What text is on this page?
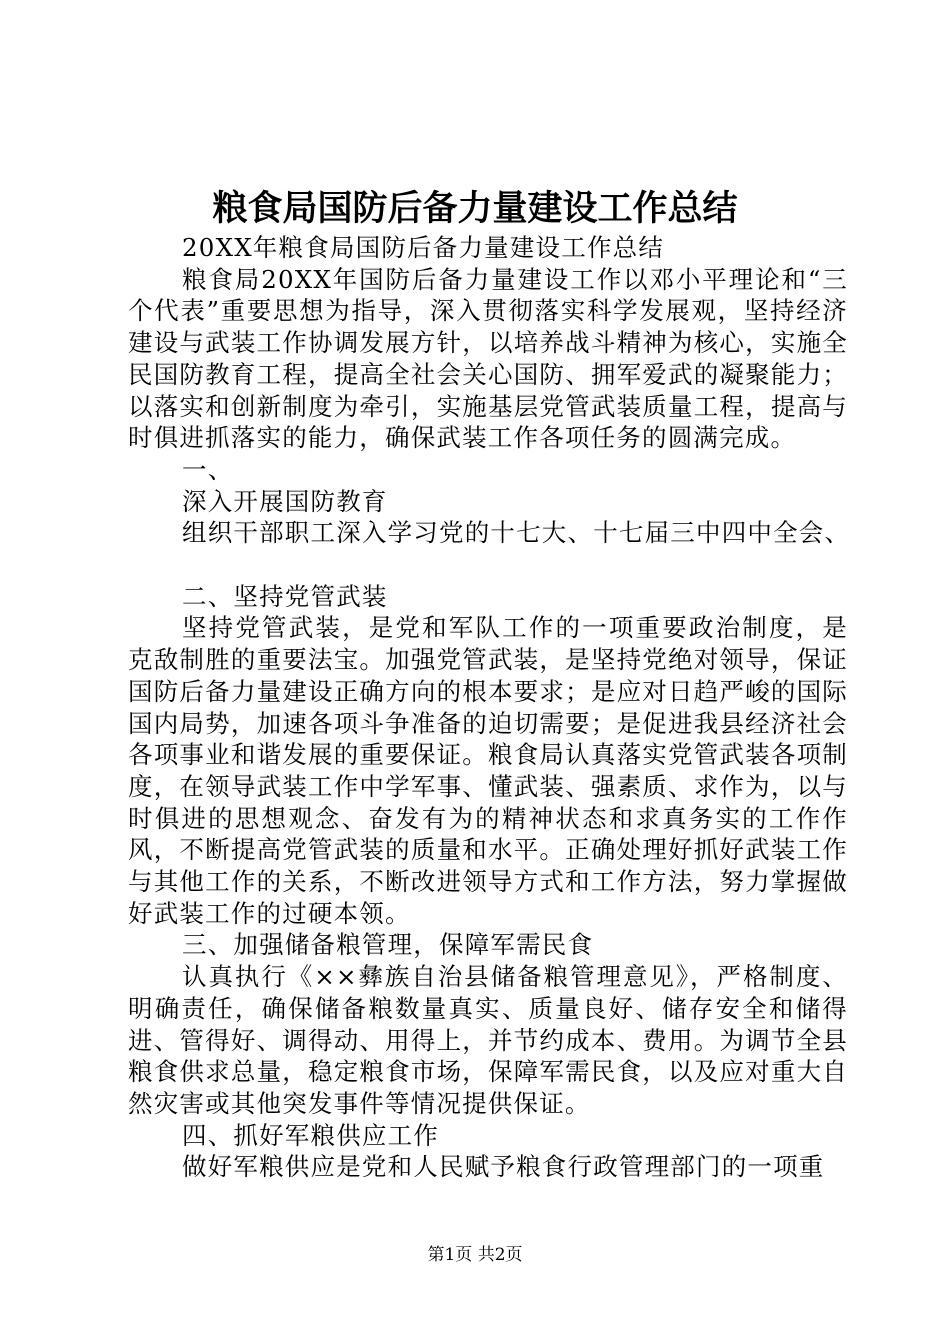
粮食局国防后备力量建设工作总结

20XX年粮食局国防后备力量建设工作总结

粮食局20XX年国防后备力量建设工作以邓小平理论和“三个代表”重要思想为指导，深入贯彻落实科学发展观，坚持经济建设与武装工作协调发展方针，以培养战斗精神为核心，实施全民国防教育工程，提高全社会关心国防、拥军爱武的凝聚能力；以落实和创新制度为牵引，实施基层党管武装质量工程，提高与时俱进抓落实的能力，确保武装工作各项任务的圆满完成。

一、

深入开展国防教育

组织干部职工深入学习党的十七大、十七届三中四中全会、

二、坚持党管武装

坚持党管武装，是党和军队工作的一项重要政治制度，是克敌制胜的重要法宝。加强党管武装，是坚持党绝对领导，保证国防后备力量建设正确方向的根本要求；是应对日趋严峻的国际国内局势，加速各项斗争准备的迫切需要；是促进我县经济社会各项事业和谐发展的重要保证。粮食局认真落实党管武装各项制度，在领导武装工作中学军事、懂武装、强素质、求作为，以与时俱进的思想观念、奋发有为的精神状态和求真务实的工作作风，不断提高党管武装的质量和水平。正确处理好抓好武装工作与其他工作的关系，不断改进领导方式和工作方法，努力掌握做好武装工作的过硬本领。

三、加强储备粮管理，保障军需民食

认真执行《××彝族自治县储备粮管理意见》，严格制度、明确责任，确保储备粮数量真实、质量良好、储存安全和储得进、管得好、调得动、用得上，并节约成本、费用。为调节全县粮食供求总量，稳定粮食市场，保障军需民食，以及应对重大自然灾害或其他突发事件等情况提供保证。

四、抓好军粮供应工作

做好军粮供应是党和人民赋予粮食行政管理部门的一项重

第1页 共2页
